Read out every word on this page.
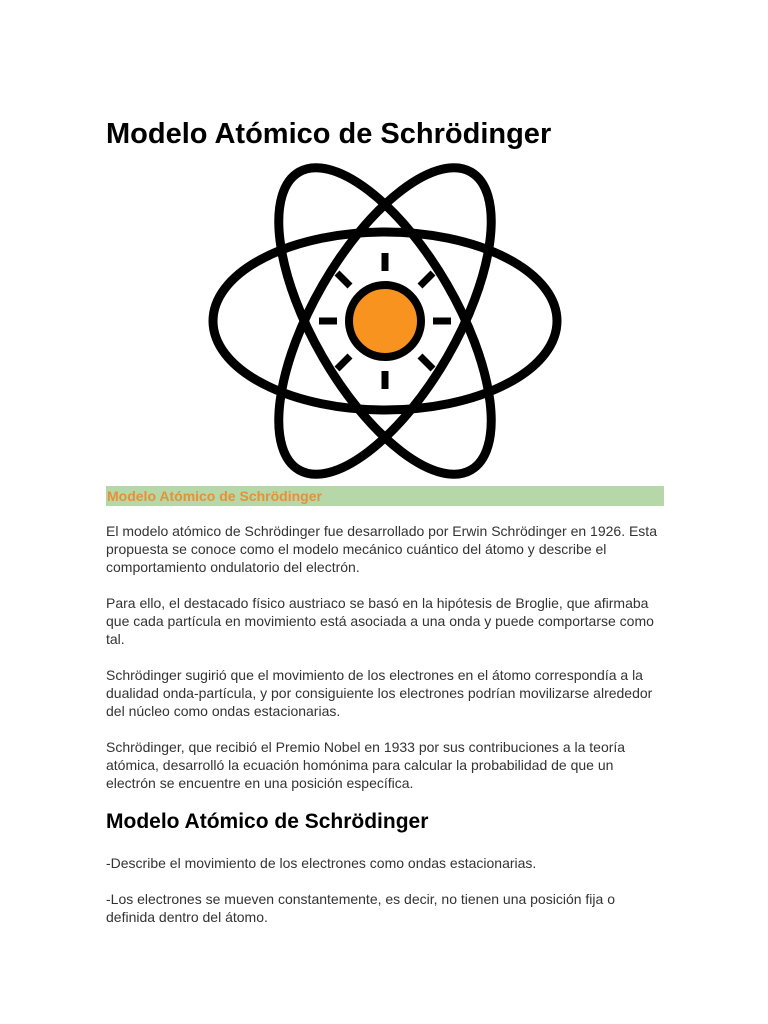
Modelo Atómico de Schrödinger
Modelo Atómico de Schrödinger

El modelo atómico de Schrödinger fue desarrollado por Erwin Schrödinger en 1926. Esta propuesta se conoce como el modelo mecánico cuántico del átomo y describe el comportamiento ondulatorio del electrón.

Para ello, el destacado físico austriaco se basó en la hipótesis de Broglie, que afirmaba que cada partícula en movimiento está asociada a una onda y puede comportarse como tal.

Schrödinger sugirió que el movimiento de los electrones en el átomo correspondía a la dualidad onda-partícula, y por consiguiente los electrones podrían movilizarse alrededor del núcleo como ondas estacionarias.

Schrödinger, que recibió el Premio Nobel en 1933 por sus contribuciones a la teoría atómica, desarrolló la ecuación homónima para calcular la probabilidad de que un electrón se encuentre en una posición específica.

Modelo Atómico de Schrödinger

-Describe el movimiento de los electrones como ondas estacionarias.

-Los electrones se mueven constantemente, es decir, no tienen una posición fija o definida dentro del átomo.
